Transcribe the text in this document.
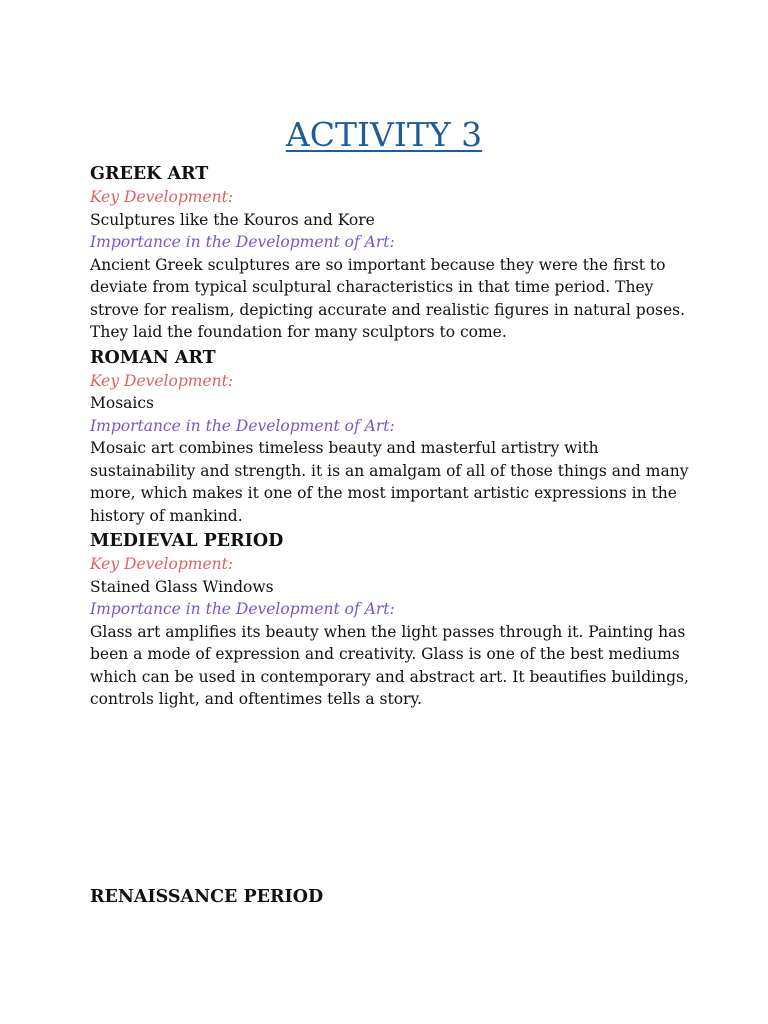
ACTIVITY 3

GREEK ART

Key Development:

Sculptures like the Kouros and Kore

Importance in the Development of Art:

Ancient Greek sculptures are so important because they were the first to deviate from typical sculptural characteristics in that time period. They strove for realism, depicting accurate and realistic figures in natural poses. They laid the foundation for many sculptors to come.

ROMAN ART

Key Development:

Mosaics

Importance in the Development of Art:

Mosaic art combines timeless beauty and masterful artistry with sustainability and strength. it is an amalgam of all of those things and many more, which makes it one of the most important artistic expressions in the history of mankind.

MEDIEVAL PERIOD

Key Development:

Stained Glass Windows

Importance in the Development of Art:

Glass art amplifies its beauty when the light passes through it. Painting has been a mode of expression and creativity. Glass is one of the best mediums which can be used in contemporary and abstract art. It beautifies buildings, controls light, and oftentimes tells a story.

RENAISSANCE PERIOD
